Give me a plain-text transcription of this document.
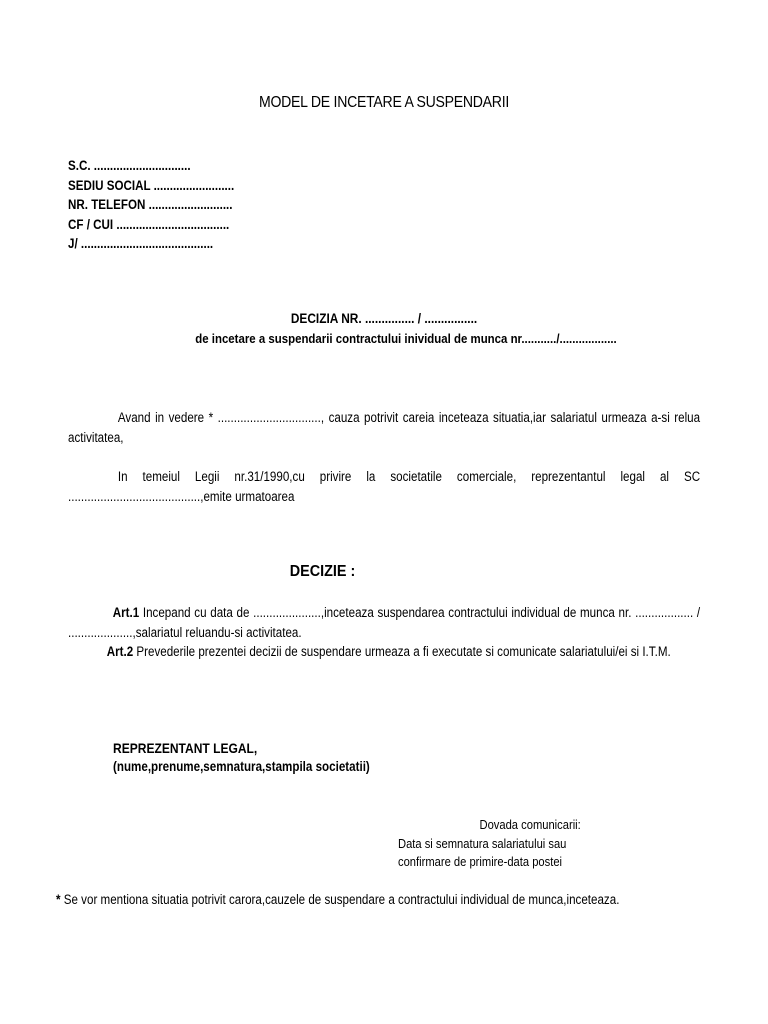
MODEL DE INCETARE A SUSPENDARII
S.C. ..............................
SEDIU SOCIAL .........................
NR. TELEFON ..........................
CF / CUI ...................................
J/ .........................................
DECIZIA NR. ............... / ................
de incetare a suspendarii contractului inividual de munca nr.........../..................
Avand in vedere * ................................, cauza potrivit careia inceteaza situatia,iar salariatul urmeaza a-si relua activitatea,
In temeiul Legii nr.31/1990,cu privire la societatile comerciale, reprezentantul legal al SC .........................................,emite urmatoarea
DECIZIE :
Art.1 Incepand cu data de .....................,inceteaza suspendarea contractului individual de munca nr. .................. / ....................,salariatul reluandu-si activitatea.
Art.2 Prevederile prezentei decizii de suspendare urmeaza a fi executate si comunicate salariatului/ei si I.T.M.
REPREZENTANT LEGAL,
(nume,prenume,semnatura,stampila societatii)
Dovada comunicarii:
Data si semnatura salariatului sau
confirmare de primire-data postei
* Se vor mentiona situatia potrivit carora,cauzele de suspendare a contractului individual de munca,inceteaza.
